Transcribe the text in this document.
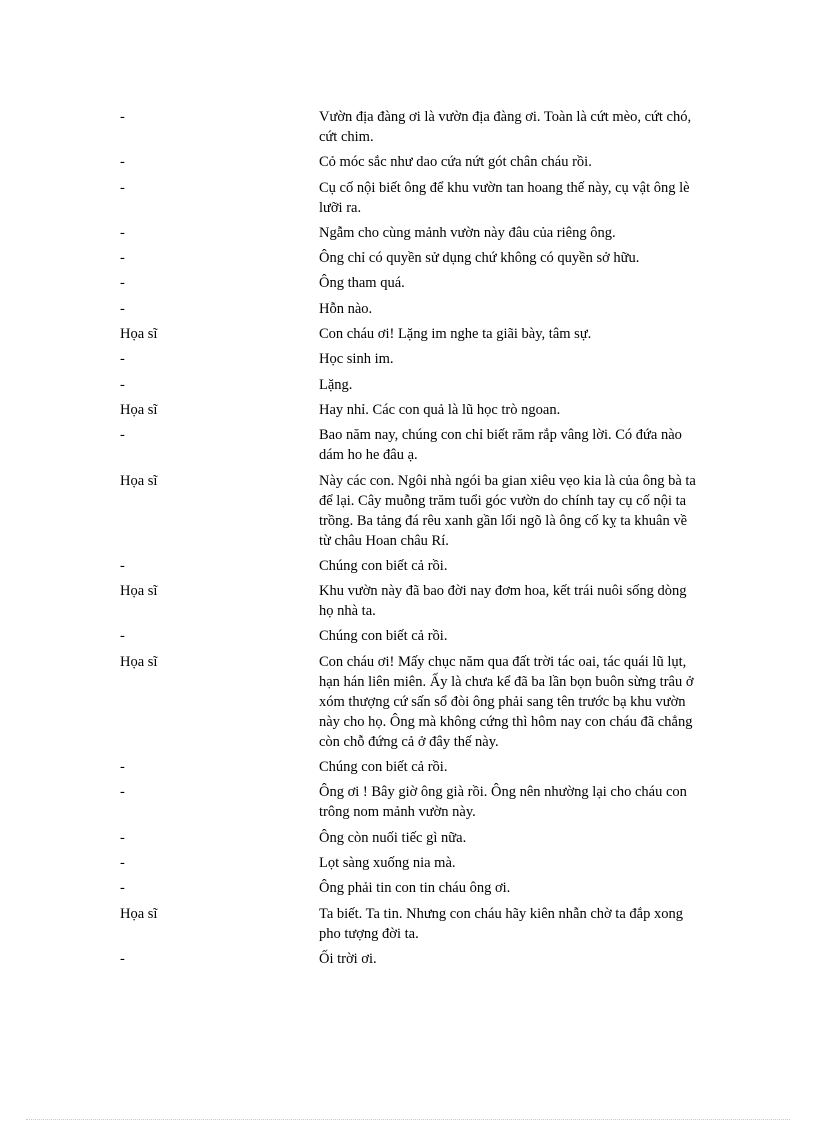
-	Vườn địa đàng ơi là vườn địa đàng ơi. Toàn là cứt mèo, cứt chó, cứt chim.
-	Cỏ móc sắc như dao cứa nứt gót chân cháu rồi.
-	Cụ cố nội biết ông để khu vườn tan hoang thế này, cụ vật ông lè lưỡi ra.
-	Ngẫm cho cùng mảnh vườn này đâu của riêng ông.
-	Ông chỉ có quyền sử dụng chứ không có quyền sở hữu.
-	Ông tham quá.
-	Hỗn nào.
Họa sĩ	Con cháu ơi! Lặng im nghe ta giãi bày, tâm sự.
-	Học sinh im.
-	Lặng.
Họa sĩ	Hay nhỉ. Các con quả là lũ học trò ngoan.
-	Bao năm nay, chúng con chỉ biết răm rắp vâng lời. Có đứa nào dám ho he đâu ạ.
Họa sĩ	Này các con. Ngôi nhà ngói ba gian xiêu vẹo kia là của ông bà ta để lại. Cây muỗng trăm tuổi góc vườn do chính tay cụ cố nội ta trồng. Ba tảng đá rêu xanh gần lối ngõ là ông cố kỵ ta khuân về từ châu Hoan châu Rí.
-	Chúng con biết cả rồi.
Họa sĩ	Khu vườn này đã bao đời nay đơm hoa, kết trái nuôi sống dòng họ nhà ta.
-	Chúng con biết cả rồi.
Họa sĩ	Con cháu ơi! Mấy chục năm qua đất trời tác oai, tác quái lũ lụt, hạn hán liên miên. Ấy là chưa kể đã ba lần bọn buôn sừng trâu ở xóm thượng cứ sấn sổ đòi ông phải sang tên trước bạ khu vườn này cho họ. Ông mà không cứng thì hôm nay con cháu đã chẳng còn chỗ đứng cả ở đây thế này.
-	Chúng con biết cả rồi.
-	Ông ơi ! Bây giờ ông già rồi. Ông nên nhường lại cho cháu con trông nom mảnh vườn này.
-	Ông còn nuối tiếc gì nữa.
-	Lọt sàng xuống nia mà.
-	Ông phải tin con tin cháu ông ơi.
Họa sĩ	Ta biết. Ta tin. Nhưng con cháu hãy kiên nhẫn chờ ta đắp xong pho tượng đời ta.
-	Ối trời ơi.
